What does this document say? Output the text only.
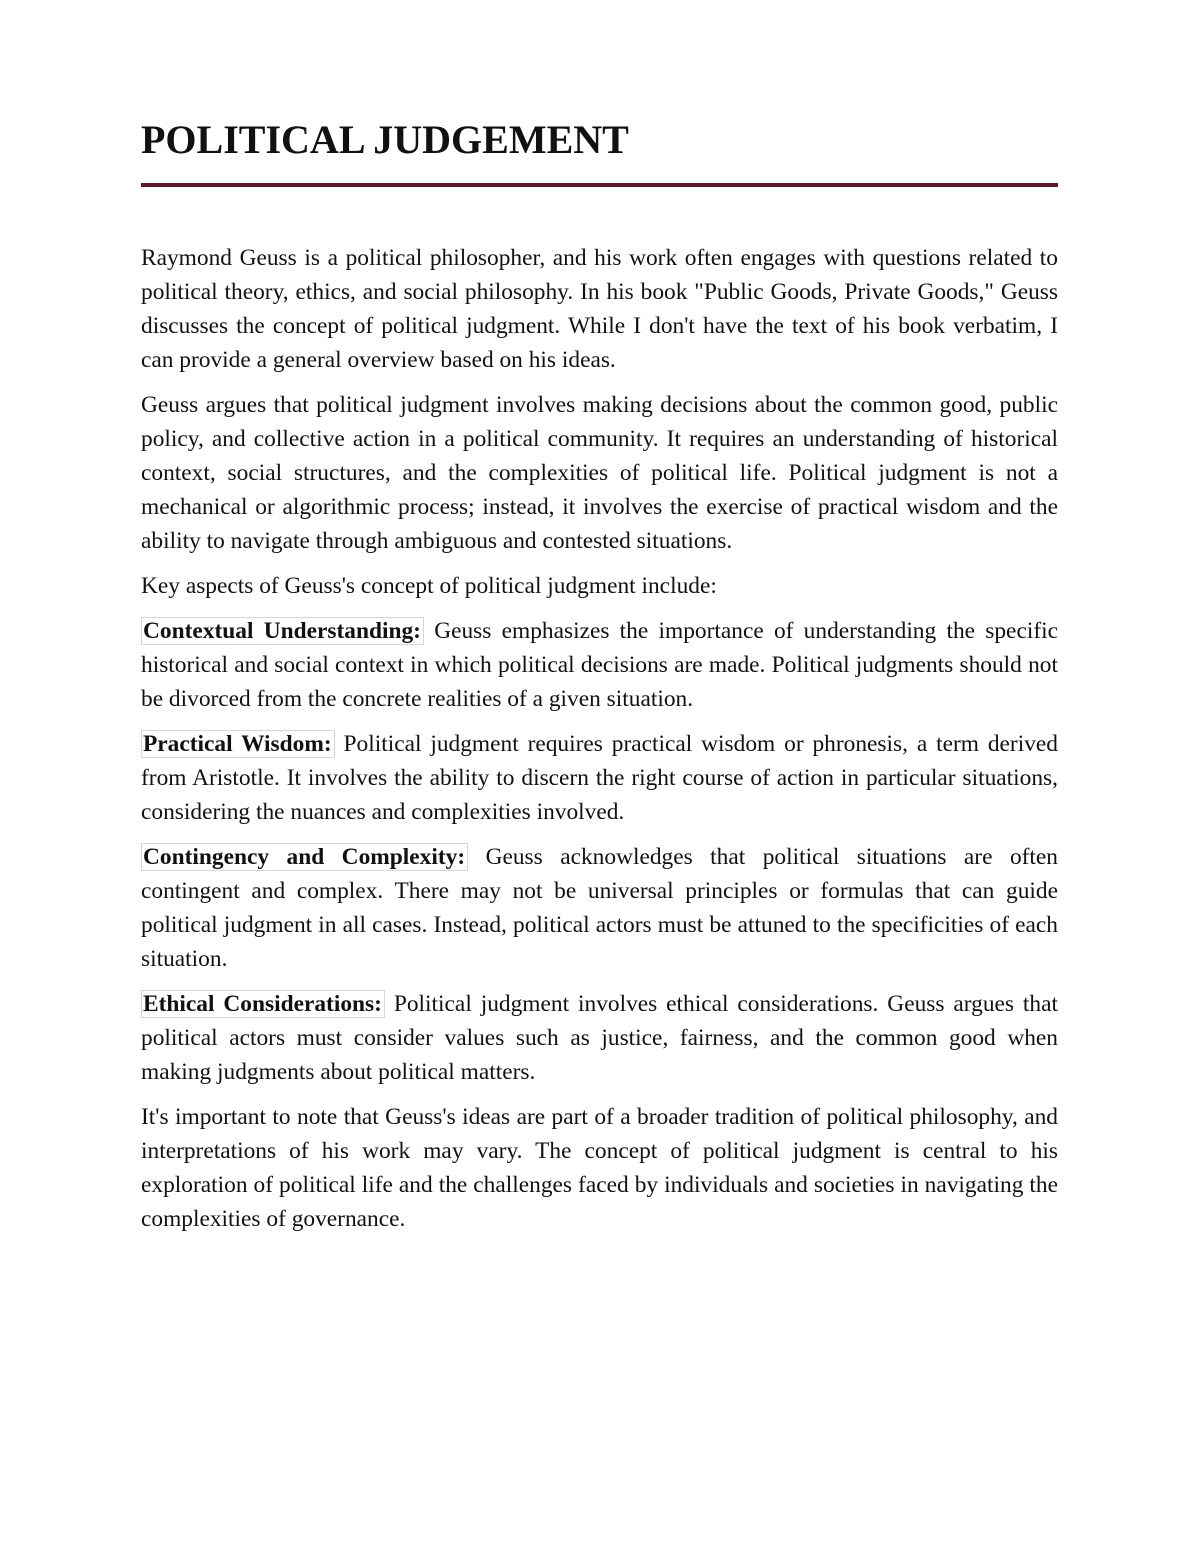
POLITICAL JUDGEMENT

Raymond Geuss is a political philosopher, and his work often engages with questions related to political theory, ethics, and social philosophy. In his book "Public Goods, Private Goods," Geuss discusses the concept of political judgment. While I don't have the text of his book verbatim, I can provide a general overview based on his ideas.

Geuss argues that political judgment involves making decisions about the common good, public policy, and collective action in a political community. It requires an understanding of historical context, social structures, and the complexities of political life. Political judgment is not a mechanical or algorithmic process; instead, it involves the exercise of practical wisdom and the ability to navigate through ambiguous and contested situations.

Key aspects of Geuss's concept of political judgment include:

Contextual Understanding: Geuss emphasizes the importance of understanding the specific historical and social context in which political decisions are made. Political judgments should not be divorced from the concrete realities of a given situation.

Practical Wisdom: Political judgment requires practical wisdom or phronesis, a term derived from Aristotle. It involves the ability to discern the right course of action in particular situations, considering the nuances and complexities involved.

Contingency and Complexity: Geuss acknowledges that political situations are often contingent and complex. There may not be universal principles or formulas that can guide political judgment in all cases. Instead, political actors must be attuned to the specificities of each situation.

Ethical Considerations: Political judgment involves ethical considerations. Geuss argues that political actors must consider values such as justice, fairness, and the common good when making judgments about political matters.

It's important to note that Geuss's ideas are part of a broader tradition of political philosophy, and interpretations of his work may vary. The concept of political judgment is central to his exploration of political life and the challenges faced by individuals and societies in navigating the complexities of governance.
